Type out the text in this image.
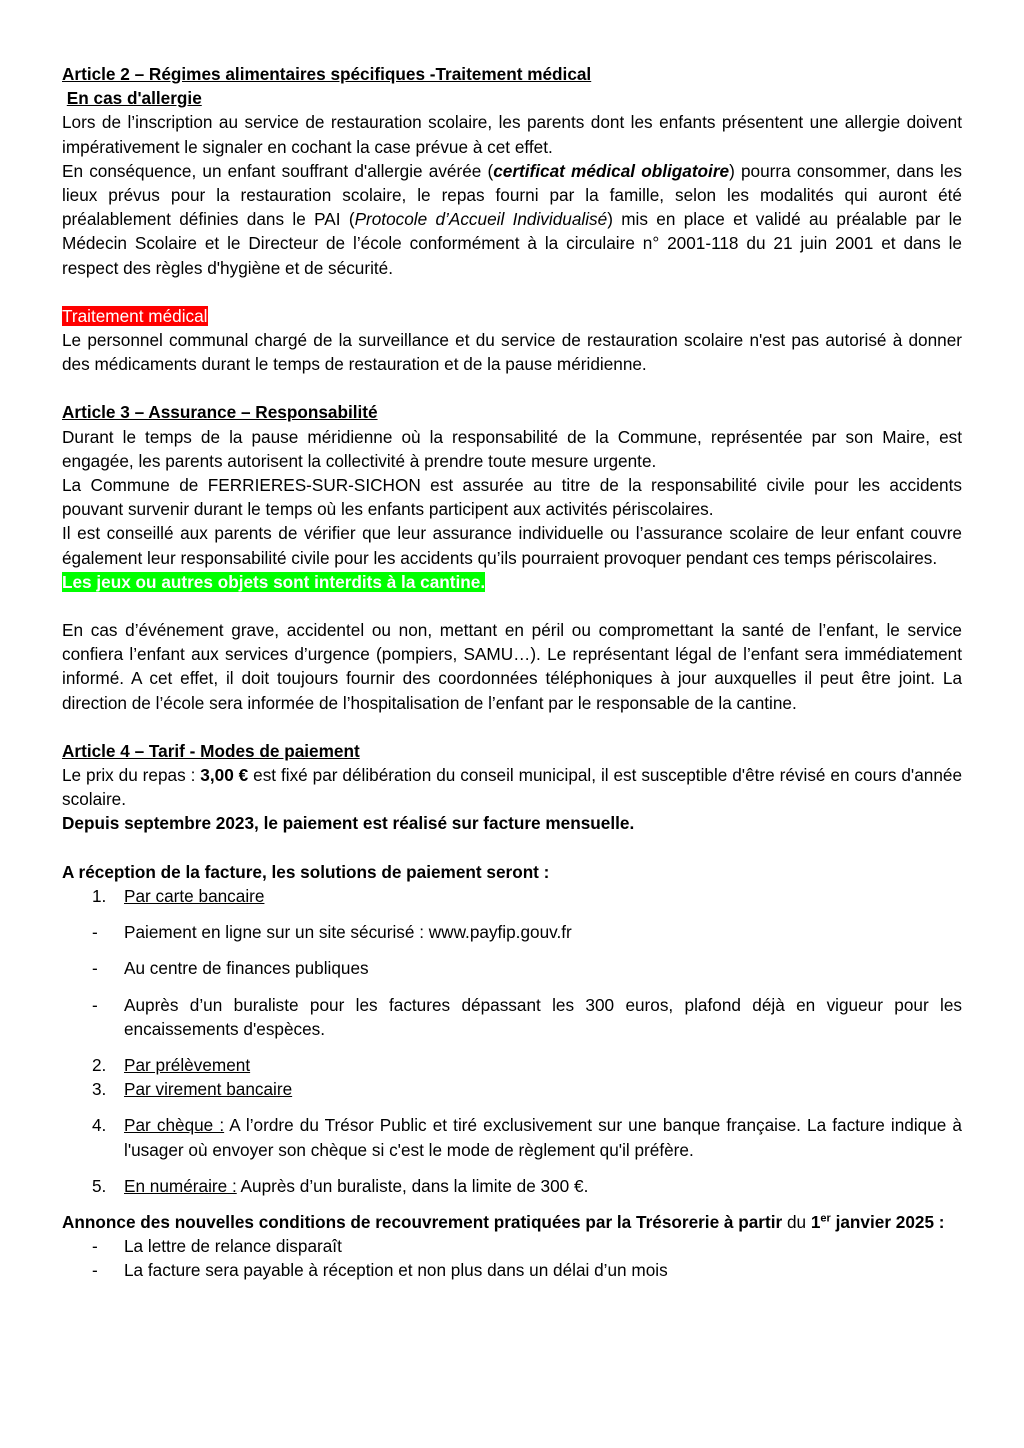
Article 2 – Régimes alimentaires spécifiques -Traitement médical

En cas d'allergie

Lors de l’inscription au service de restauration scolaire, les parents dont les enfants présentent une allergie doivent impérativement le signaler en cochant la case prévue à cet effet.

En conséquence, un enfant souffrant d'allergie avérée (certificat médical obligatoire) pourra consommer, dans les lieux prévus pour la restauration scolaire, le repas fourni par la famille, selon les modalités qui auront été préalablement définies dans le PAI (Protocole d’Accueil Individualisé) mis en place et validé au préalable par le Médecin Scolaire et le Directeur de l’école conformément à la circulaire n° 2001-118 du 21 juin 2001 et dans le respect des règles d'hygiène et de sécurité.

Traitement médical

Le personnel communal chargé de la surveillance et du service de restauration scolaire n'est pas autorisé à donner des médicaments durant le temps de restauration et de la pause méridienne.

Article 3 – Assurance – Responsabilité

Durant le temps de la pause méridienne où la responsabilité de la Commune, représentée par son Maire, est engagée, les parents autorisent la collectivité à prendre toute mesure urgente.

La Commune de FERRIERES-SUR-SICHON est assurée au titre de la responsabilité civile pour les accidents pouvant survenir durant le temps où les enfants participent aux activités périscolaires.

Il est conseillé aux parents de vérifier que leur assurance individuelle ou l’assurance scolaire de leur enfant couvre également leur responsabilité civile pour les accidents qu’ils pourraient provoquer pendant ces temps périscolaires.

Les jeux ou autres objets sont interdits à la cantine.

En cas d’événement grave, accidentel ou non, mettant en péril ou compromettant la santé de l’enfant, le service confiera l’enfant aux services d’urgence (pompiers, SAMU…). Le représentant légal de l’enfant sera immédiatement informé. A cet effet, il doit toujours fournir des coordonnées téléphoniques à jour auxquelles il peut être joint. La direction de l’école sera informée de l’hospitalisation de l’enfant par le responsable de la cantine.

Article 4 – Tarif - Modes de paiement

Le prix du repas : 3,00 € est fixé par délibération du conseil municipal, il est susceptible d'être révisé en cours d'année scolaire.

Depuis septembre 2023, le paiement est réalisé sur facture mensuelle.

A réception de la facture, les solutions de paiement seront :

1. Par carte bancaire
- Paiement en ligne sur un site sécurisé : www.payfip.gouv.fr
- Au centre de finances publiques
- Auprès d’un buraliste pour les factures dépassant les 300 euros, plafond déjà en vigueur pour les encaissements d'espèces.
2. Par prélèvement
3. Par virement bancaire
4. Par chèque : A l’ordre du Trésor Public et tiré exclusivement sur une banque française. La facture indique à l'usager où envoyer son chèque si c'est le mode de règlement qu'il préfère.
5. En numéraire : Auprès d’un buraliste, dans la limite de 300 €.

Annonce des nouvelles conditions de recouvrement pratiquées par la Trésorerie à partir du 1er janvier 2025 :

- La lettre de relance disparaît
- La facture sera payable à réception et non plus dans un délai d’un mois
